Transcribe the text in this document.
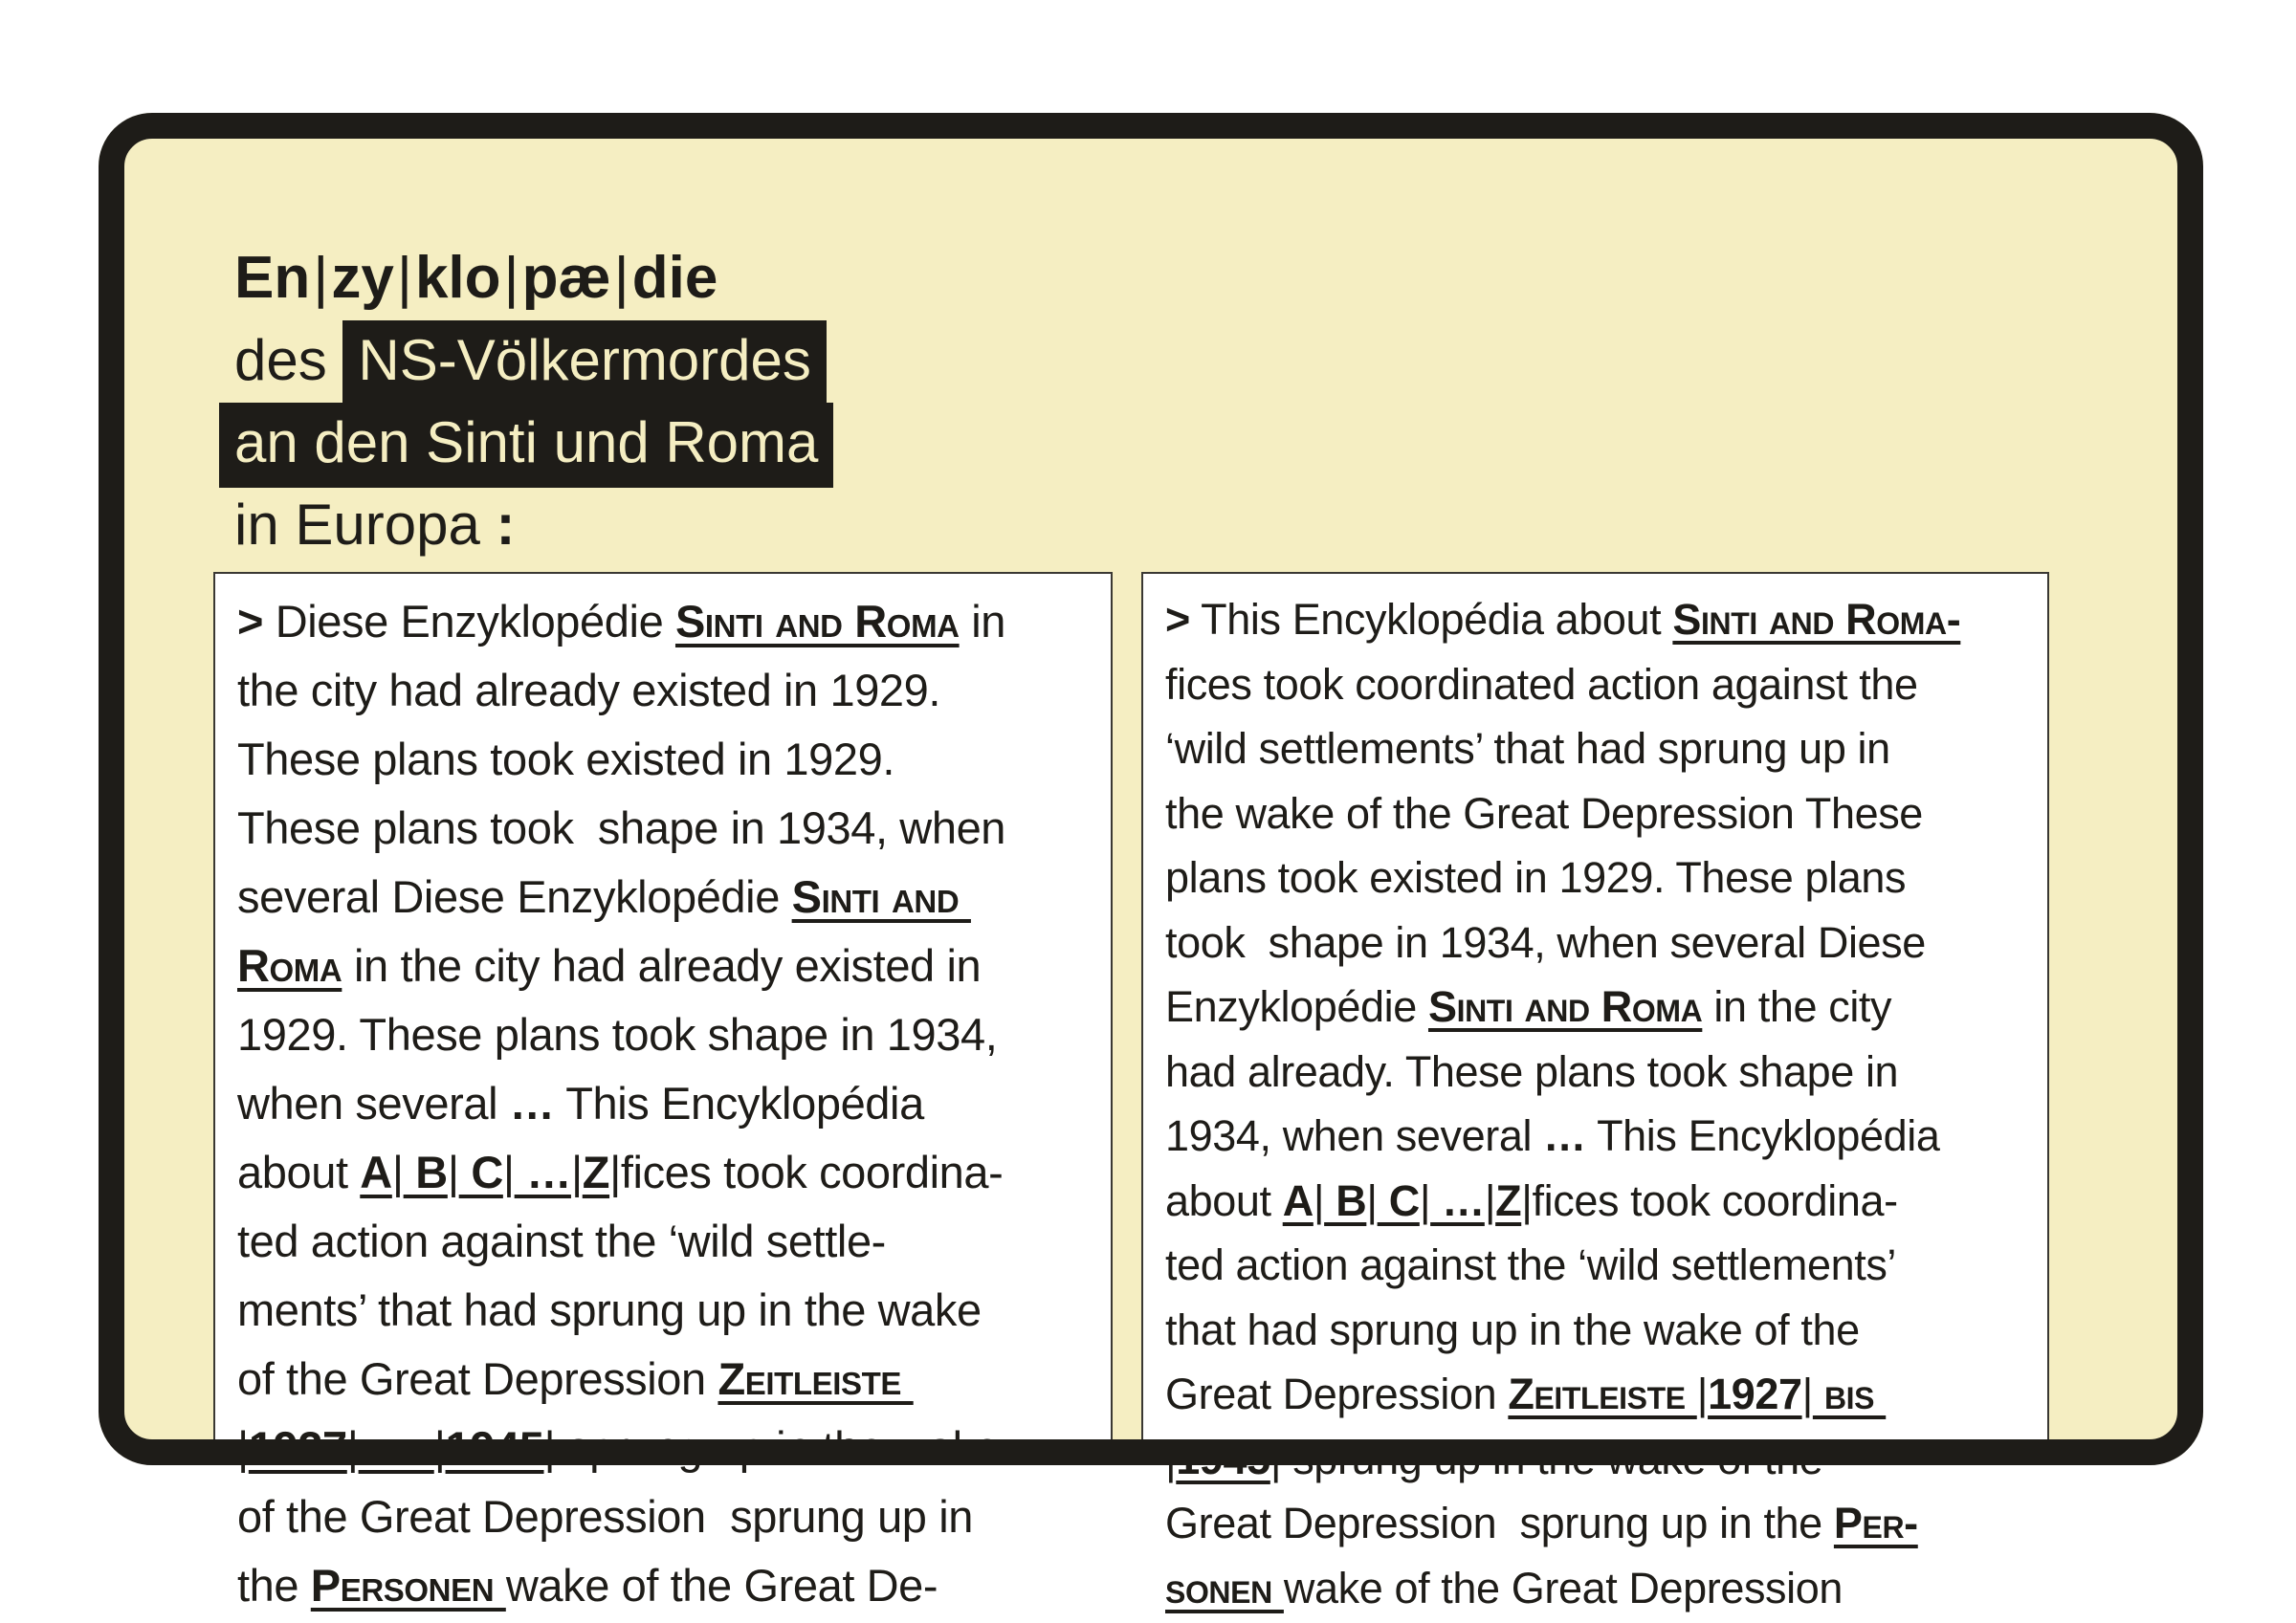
En|zy|klo|pæ|die
des NS-Völkermordes
an den Sinti und Roma
in Europa :
> Diese Enzyklopédie Sinti and Roma in
the city had already existed in 1929.
These plans took existed in 1929.
These plans took  shape in 1934, when
several Diese Enzyklopédie Sinti and
Roma in the city had already existed in
1929. These plans took shape in 1934,
when several … This Encyklopédia
about A| B| C| …|Z|fices took coordina-
ted action against the ‘wild settle-
ments’ that had sprung up in the wake
of the Great Depression Zeitleiste
|1927| bis |1945| sprung up in the wake
of the Great Depression  sprung up in
the Personen wake of the Great De-
> This Encyklopédia about Sinti and Roma-
fices took coordinated action against the
‘wild settlements’ that had sprung up in
the wake of the Great Depression These
plans took existed in 1929. These plans
took  shape in 1934, when several Diese
Enzyklopédie Sinti and Roma in the city
had already. These plans took shape in
1934, when several … This Encyklopédia
about A| B| C| …|Z|fices took coordina-
ted action against the ‘wild settlements’
that had sprung up in the wake of the
Great Depression Zeitleiste |1927| bis
|1945| sprung up in the wake of the
Great Depression  sprung up in the Per-
sonen wake of the Great Depression
